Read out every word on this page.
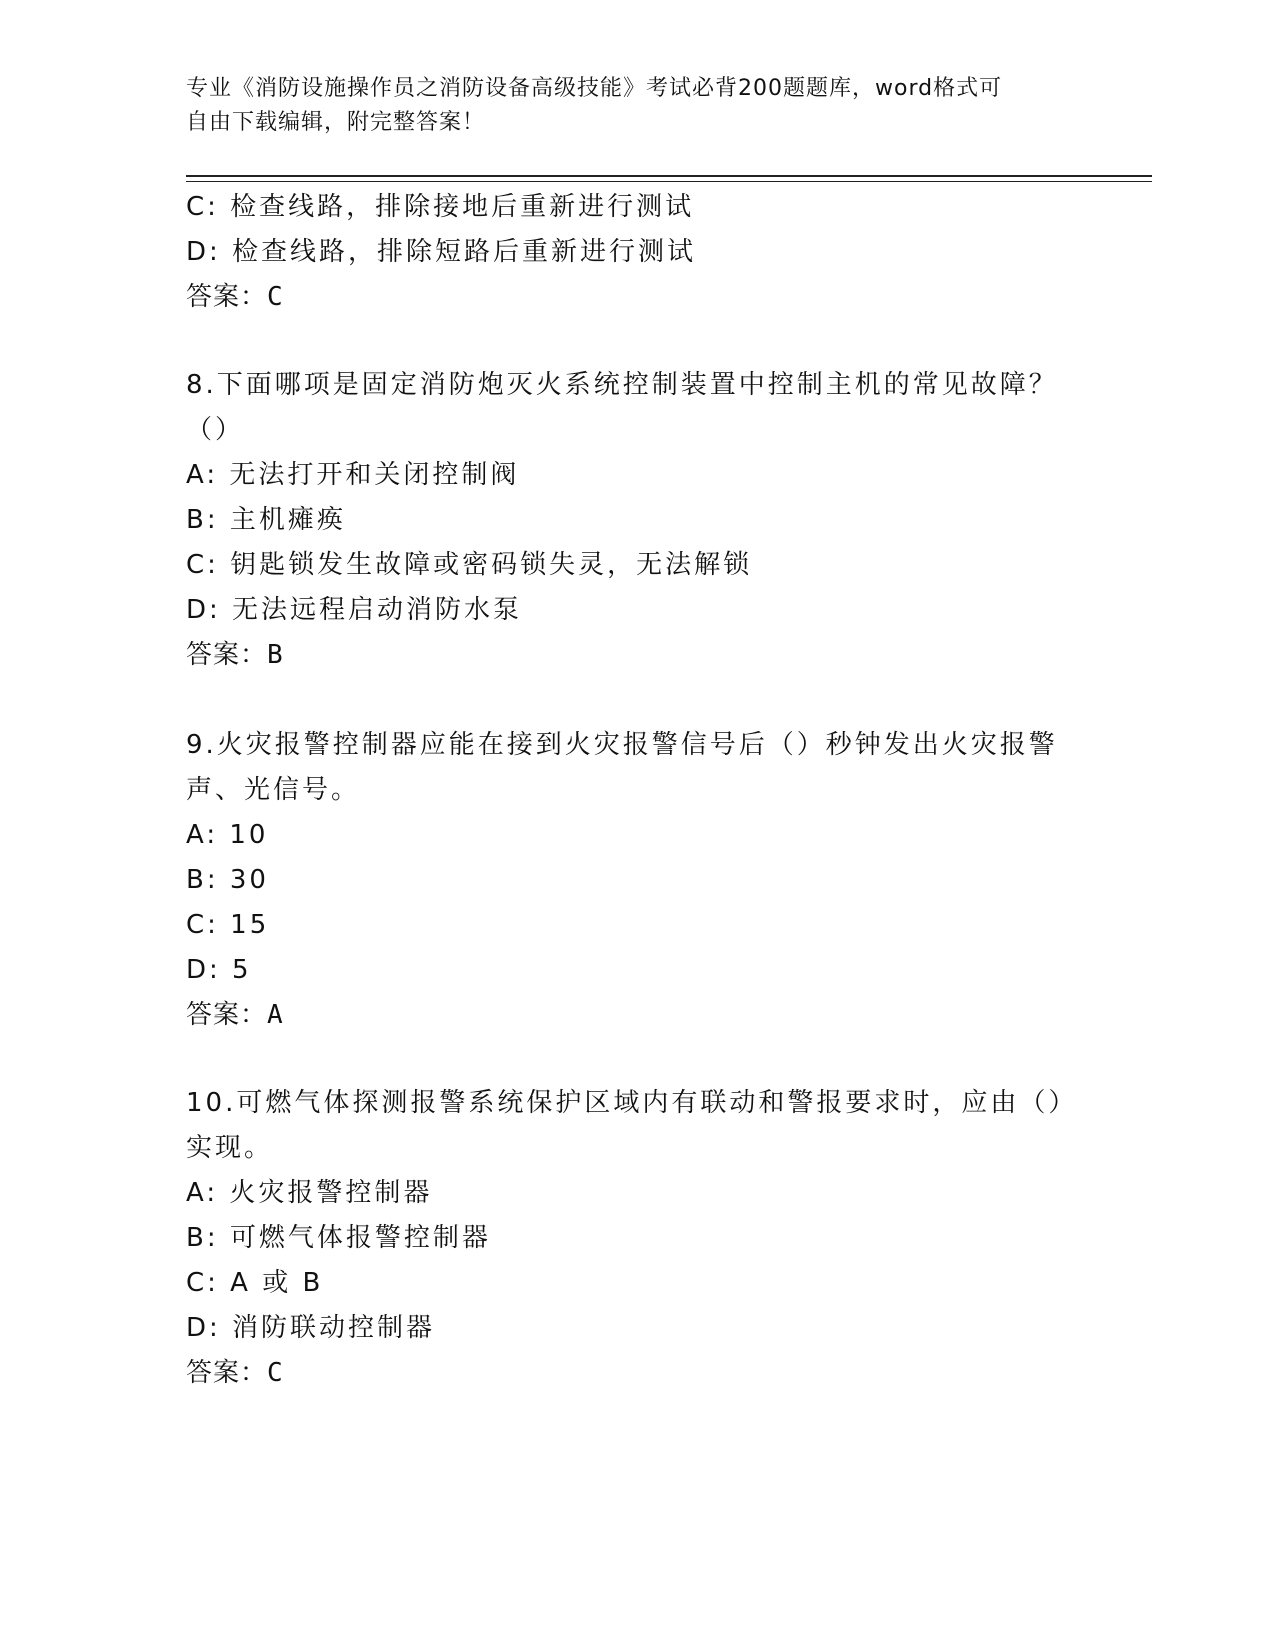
专业《消防设施操作员之消防设备高级技能》考试必背200题题库，word格式可
自由下载编辑，附完整答案！
C: 检查线路，排除接地后重新进行测试
D: 检查线路，排除短路后重新进行测试
答案：C
8.下面哪项是固定消防炮灭火系统控制装置中控制主机的常见故障？
（）
A: 无法打开和关闭控制阀
B: 主机瘫痪
C: 钥匙锁发生故障或密码锁失灵，无法解锁
D: 无法远程启动消防水泵
答案：B
9.火灾报警控制器应能在接到火灾报警信号后（）秒钟发出火灾报警
声、光信号。
A: 10
B: 30
C: 15
D: 5
答案：A
10.可燃气体探测报警系统保护区域内有联动和警报要求时，应由（）
实现。
A: 火灾报警控制器
B: 可燃气体报警控制器
C: A 或 B
D: 消防联动控制器
答案：C
